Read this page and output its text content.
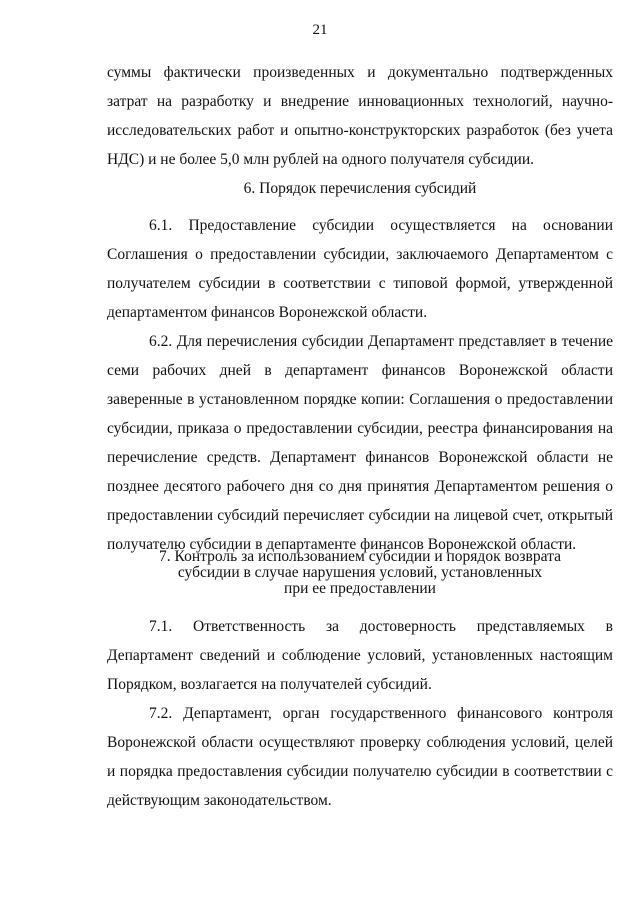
21

суммы фактически произведенных и документально подтвержденных затрат на разработку и внедрение инновационных технологий, научно-исследовательских работ и опытно-конструкторских разработок (без учета НДС) и не более 5,0 млн рублей на одного получателя субсидии.

6. Порядок перечисления субсидий

6.1. Предоставление субсидии осуществляется на основании Соглашения о предоставлении субсидии, заключаемого Департаментом с получателем субсидии в соответствии с типовой формой, утвержденной департаментом финансов Воронежской области.

6.2. Для перечисления субсидии Департамент представляет в течение семи рабочих дней в департамент финансов Воронежской области заверенные в установленном порядке копии: Соглашения о предоставлении субсидии, приказа о предоставлении субсидии, реестра финансирования на перечисление средств. Департамент финансов Воронежской области не позднее десятого рабочего дня со дня принятия Департаментом решения о предоставлении субсидий перечисляет субсидии на лицевой счет, открытый получателю субсидии в департаменте финансов Воронежской области.

7. Контроль за использованием субсидии и порядок возврата

субсидии в случае нарушения условий, установленных

при ее предоставлении

7.1. Ответственность за достоверность представляемых в Департамент сведений и соблюдение условий, установленных настоящим Порядком, возлагается на получателей субсидий.

7.2. Департамент, орган государственного финансового контроля Воронежской области осуществляют проверку соблюдения условий, целей и порядка предоставления субсидии получателю субсидии в соответствии с действующим законодательством.
